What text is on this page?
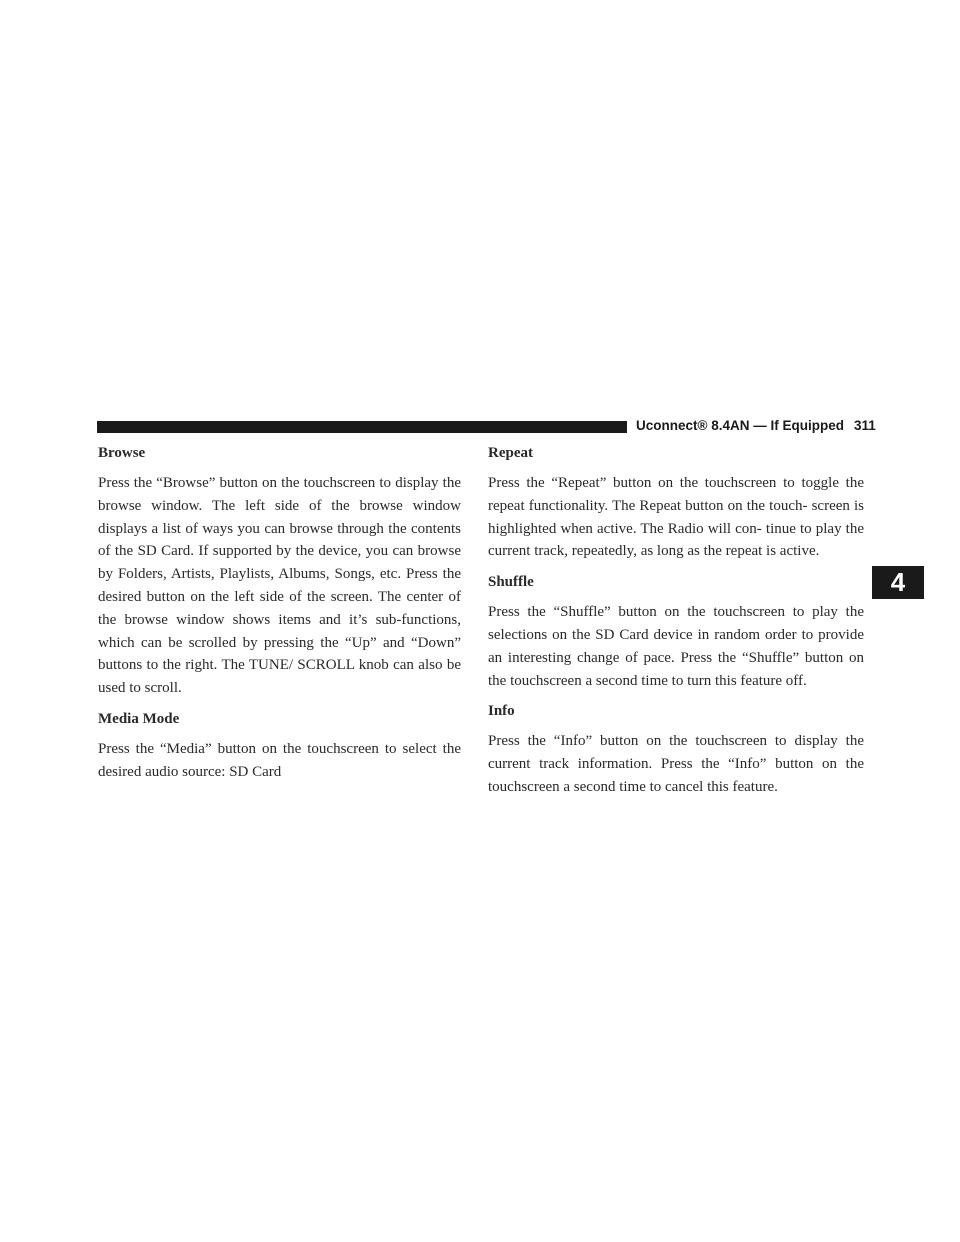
Uconnect® 8.4AN — If Equipped 311
4
Browse
Press the “Browse” button on the touchscreen to display the browse window. The left side of the browse window displays a list of ways you can browse through the contents of the SD Card. If supported by the device, you can browse by Folders, Artists, Playlists, Albums, Songs, etc. Press the desired button on the left side of the screen. The center of the browse window shows items and it’s sub-functions, which can be scrolled by pressing the “Up” and “Down” buttons to the right. The TUNE/ SCROLL knob can also be used to scroll.
Media Mode
Press the “Media” button on the touchscreen to select the desired audio source: SD Card
Repeat
Press the “Repeat” button on the touchscreen to toggle the repeat functionality. The Repeat button on the touch- screen is highlighted when active. The Radio will con- tinue to play the current track, repeatedly, as long as the repeat is active.
Shuffle
Press the “Shuffle” button on the touchscreen to play the selections on the SD Card device in random order to provide an interesting change of pace. Press the “Shuffle” button on the touchscreen a second time to turn this feature off.
Info
Press the “Info” button on the touchscreen to display the current track information. Press the “Info” button on the touchscreen a second time to cancel this feature.
